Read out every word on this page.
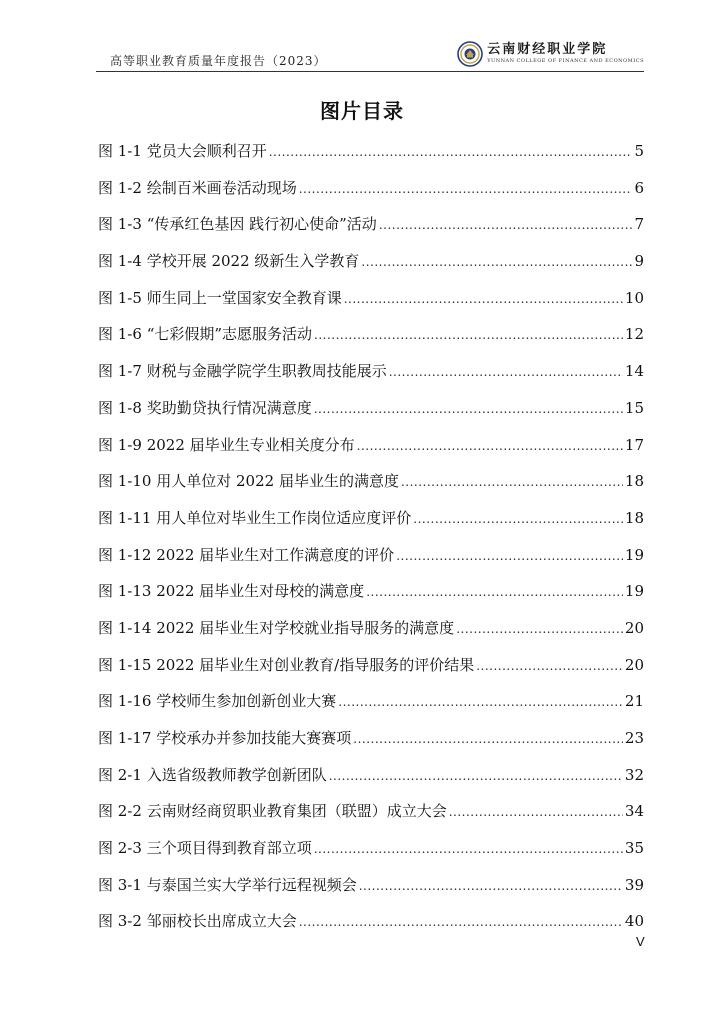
高等职业教育质量年度报告（2023）
云南财经职业学院
YUNNAN COLLEGE OF FINANCE AND ECONOMICS
图片目录
图 1-1 党员大会顺利召开 .....	5
图 1-2 绘制百米画卷活动现场 .....	6
图 1-3 “传承红色基因 践行初心使命”活动 .....	7
图 1-4 学校开展 2022 级新生入学教育 .....	9
图 1-5 师生同上一堂国家安全教育课 .....	10
图 1-6 “七彩假期”志愿服务活动 .....	12
图 1-7 财税与金融学院学生职教周技能展示 .....	14
图 1-8 奖助勤贷执行情况满意度 .....	15
图 1-9 2022 届毕业生专业相关度分布 .....	17
图 1-10 用人单位对 2022 届毕业生的满意度 .....	18
图 1-11 用人单位对毕业生工作岗位适应度评价 .....	18
图 1-12 2022 届毕业生对工作满意度的评价 .....	19
图 1-13 2022 届毕业生对母校的满意度 .....	19
图 1-14 2022 届毕业生对学校就业指导服务的满意度 .....	20
图 1-15 2022 届毕业生对创业教育/指导服务的评价结果 .....	20
图 1-16 学校师生参加创新创业大赛 .....	21
图 1-17 学校承办并参加技能大赛赛项 .....	23
图 2-1 入选省级教师教学创新团队 .....	32
图 2-2 云南财经商贸职业教育集团（联盟）成立大会 .....	34
图 2-3 三个项目得到教育部立项 .....	35
图 3-1 与泰国兰实大学举行远程视频会 .....	39
图 3-2 邹丽校长出席成立大会 .....	40
V
